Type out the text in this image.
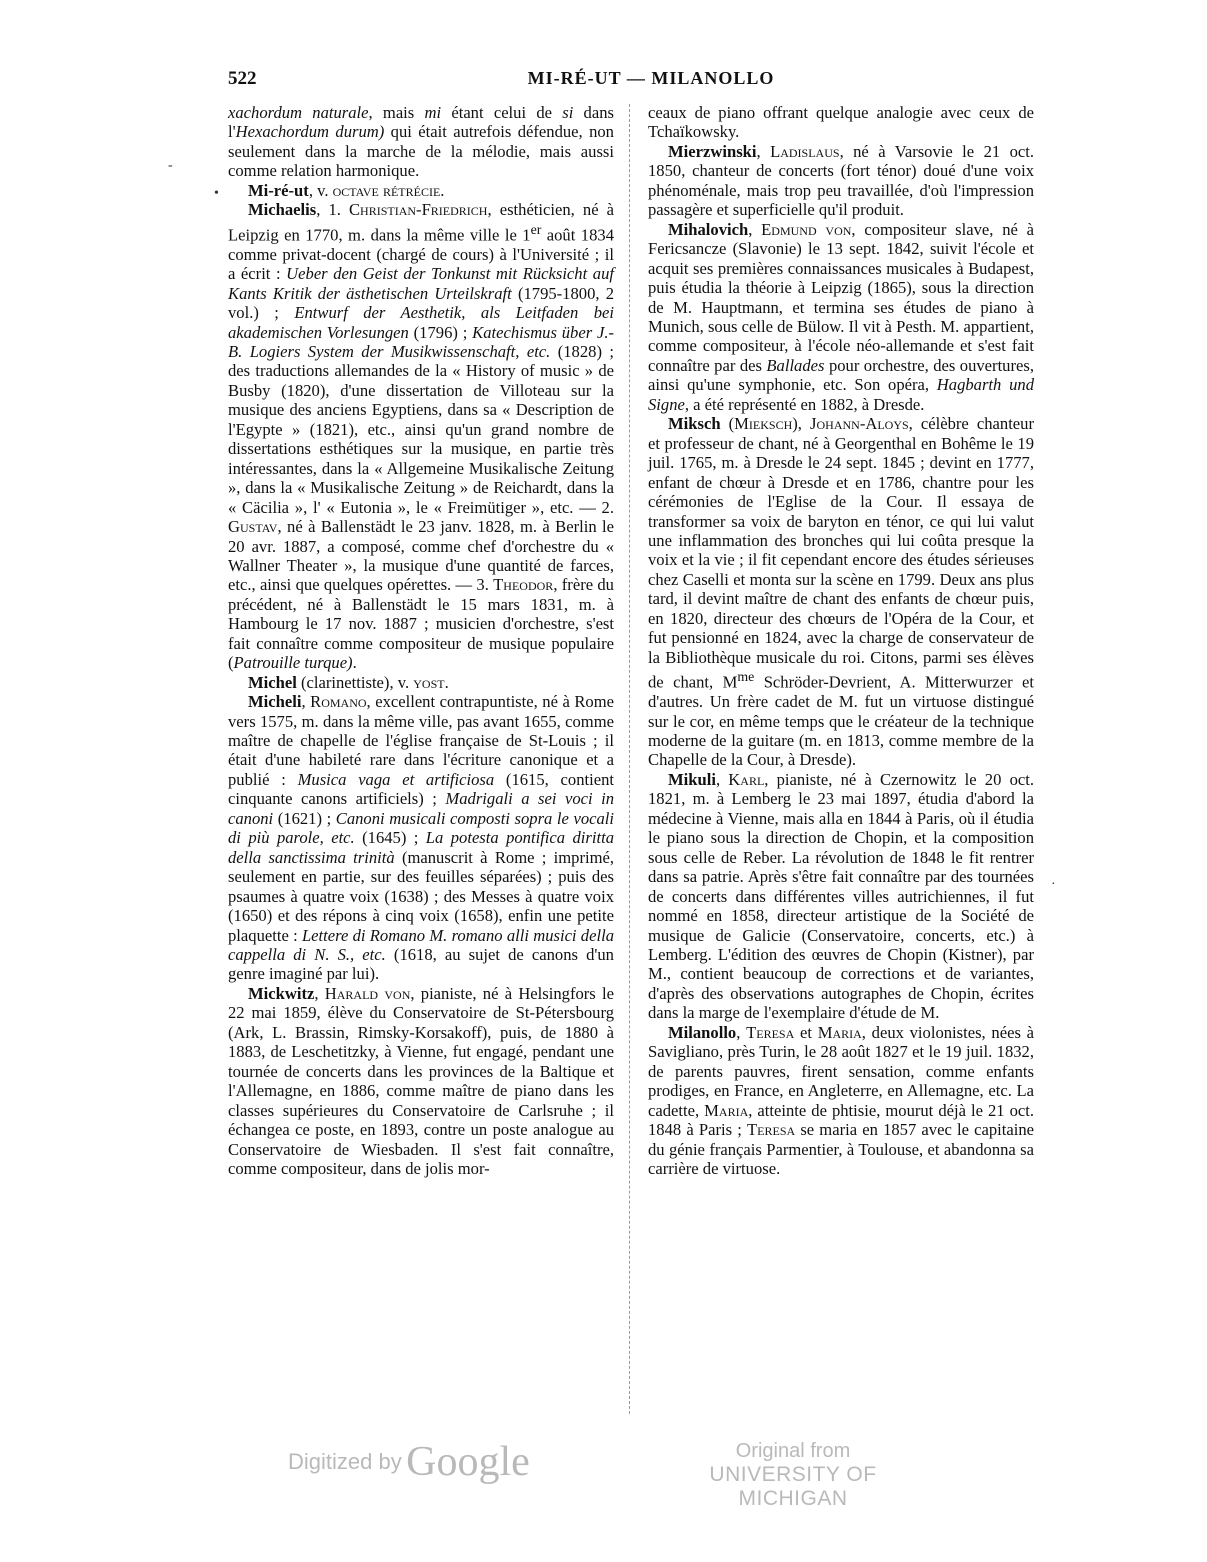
522	MI-RÉ-UT — MILANOLLO

xachordum naturale, mais mi étant celui de si dans l'Hexachordum durum) qui était autrefois défendue, non seulement dans la marche de la mélodie, mais aussi comme relation harmonique.

Mi-ré-ut, v. octave rétrécie.

Michaelis, 1. Christian-Friedrich, esthéticien, né à Leipzig en 1770, m. dans la même ville le 1er août 1834 comme privat-docent (chargé de cours) à l'Université ; il a écrit : Ueber den Geist der Tonkunst mit Rücksicht auf Kants Kritik der ästhetischen Urteilskraft (1795-1800, 2 vol.) ; Entwurf der Aesthetik, als Leitfaden bei akademischen Vorlesungen (1796) ; Katechismus über J.-B. Logiers System der Musikwissenschaft, etc. (1828) ; des traductions allemandes de la « History of music » de Busby (1820), d'une dissertation de Villoteau sur la musique des anciens Egyptiens, dans sa « Description de l'Egypte » (1821), etc., ainsi qu'un grand nombre de dissertations esthétiques sur la musique, en partie très intéressantes, dans la « Allgemeine Musikalische Zeitung », dans la « Musikalische Zeitung » de Reichardt, dans la « Cäcilia », l' « Eutonia », le « Freimütiger », etc. — 2. Gustav, né à Ballenstädt le 23 janv. 1828, m. à Berlin le 20 avr. 1887, a composé, comme chef d'orchestre du « Wallner Theater », la musique d'une quantité de farces, etc., ainsi que quelques opérettes. — 3. Theodor, frère du précédent, né à Ballenstädt le 15 mars 1831, m. à Hambourg le 17 nov. 1887 ; musicien d'orchestre, s'est fait connaître comme compositeur de musique populaire (Patrouille turque).

Michel (clarinettiste), v. yost.

Micheli, Romano, excellent contrapuntiste, né à Rome vers 1575, m. dans la même ville, pas avant 1655, comme maître de chapelle de l'église française de St-Louis ; il était d'une habileté rare dans l'écriture canonique et a publié : Musica vaga et artificiosa (1615, contient cinquante canons artificiels) ; Madrigali a sei voci in canoni (1621) ; Canoni musicali composti sopra le vocali di più parole, etc. (1645) ; La potesta pontifica diritta della sanctissima trinità (manuscrit à Rome ; imprimé, seulement en partie, sur des feuilles séparées) ; puis des psaumes à quatre voix (1638) ; des Messes à quatre voix (1650) et des répons à cinq voix (1658), enfin une petite plaquette : Lettere di Romano M. romano alli musici della cappella di N. S., etc. (1618, au sujet de canons d'un genre imaginé par lui).

Mickwitz, Harald von, pianiste, né à Helsingfors le 22 mai 1859, élève du Conservatoire de St-Pétersbourg (Ark, L. Brassin, Rimsky-Korsakoff), puis, de 1880 à 1883, de Leschetitzky, à Vienne, fut engagé, pendant une tournée de concerts dans les provinces de la Baltique et l'Allemagne, en 1886, comme maître de piano dans les classes supérieures du Conservatoire de Carlsruhe ; il échangea ce poste, en 1893, contre un poste analogue au Conservatoire de Wiesbaden. Il s'est fait connaître, comme compositeur, dans de jolis mor-

ceaux de piano offrant quelque analogie avec ceux de Tchaïkowsky.

Mierzwinski, Ladislaus, né à Varsovie le 21 oct. 1850, chanteur de concerts (fort ténor) doué d'une voix phénoménale, mais trop peu travaillée, d'où l'impression passagère et superficielle qu'il produit.

Mihalovich, Edmund von, compositeur slave, né à Fericsancze (Slavonie) le 13 sept. 1842, suivit l'école et acquit ses premières connaissances musicales à Budapest, puis étudia la théorie à Leipzig (1865), sous la direction de M. Hauptmann, et termina ses études de piano à Munich, sous celle de Bülow. Il vit à Pesth. M. appartient, comme compositeur, à l'école néo-allemande et s'est fait connaître par des Ballades pour orchestre, des ouvertures, ainsi qu'une symphonie, etc. Son opéra, Hagbarth und Signe, a été représenté en 1882, à Dresde.

Miksch (Mieksch), Johann-Aloys, célèbre chanteur et professeur de chant, né à Georgenthal en Bohême le 19 juil. 1765, m. à Dresde le 24 sept. 1845 ; devint en 1777, enfant de chœur à Dresde et en 1786, chantre pour les cérémonies de l'Eglise de la Cour. Il essaya de transformer sa voix de baryton en ténor, ce qui lui valut une inflammation des bronches qui lui coûta presque la voix et la vie ; il fit cependant encore des études sérieuses chez Caselli et monta sur la scène en 1799. Deux ans plus tard, il devint maître de chant des enfants de chœur puis, en 1820, directeur des chœurs de l'Opéra de la Cour, et fut pensionné en 1824, avec la charge de conservateur de la Bibliothèque musicale du roi. Citons, parmi ses élèves de chant, $M^{me}$ Schröder-Devrient, A. Mitterwurzer et d'autres. Un frère cadet de M. fut un virtuose distingué sur le cor, en même temps que le créateur de la technique moderne de la guitare (m. en 1813, comme membre de la Chapelle de la Cour, à Dresde).

Mikuli, Karl, pianiste, né à Czernowitz le 20 oct. 1821, m. à Lemberg le 23 mai 1897, étudia d'abord la médecine à Vienne, mais alla en 1844 à Paris, où il étudia le piano sous la direction de Chopin, et la composition sous celle de Reber. La révolution de 1848 le fit rentrer dans sa patrie. Après s'être fait connaître par des tournées de concerts dans différentes villes autrichiennes, il fut nommé en 1858, directeur artistique de la Société de musique de Galicie (Conservatoire, concerts, etc.) à Lemberg. L'édition des œuvres de Chopin (Kistner), par M., contient beaucoup de corrections et de variantes, d'après des observations autographes de Chopin, écrites dans la marge de l'exemplaire d'étude de M.

Milanollo, Teresa et Maria, deux violonistes, nées à Savigliano, près Turin, le 28 août 1827 et le 19 juil. 1832, de parents pauvres, firent sensation, comme enfants prodiges, en France, en Angleterre, en Allemagne, etc. La cadette, Maria, atteinte de phtisie, mourut déjà le 21 oct. 1848 à Paris ; Teresa se maria en 1857 avec le capitaine du génie français Parmentier, à Toulouse, et abandonna sa carrière de virtuose.

-
•
·
Digitized by Google	Original from
UNIVERSITY OF MICHIGAN
